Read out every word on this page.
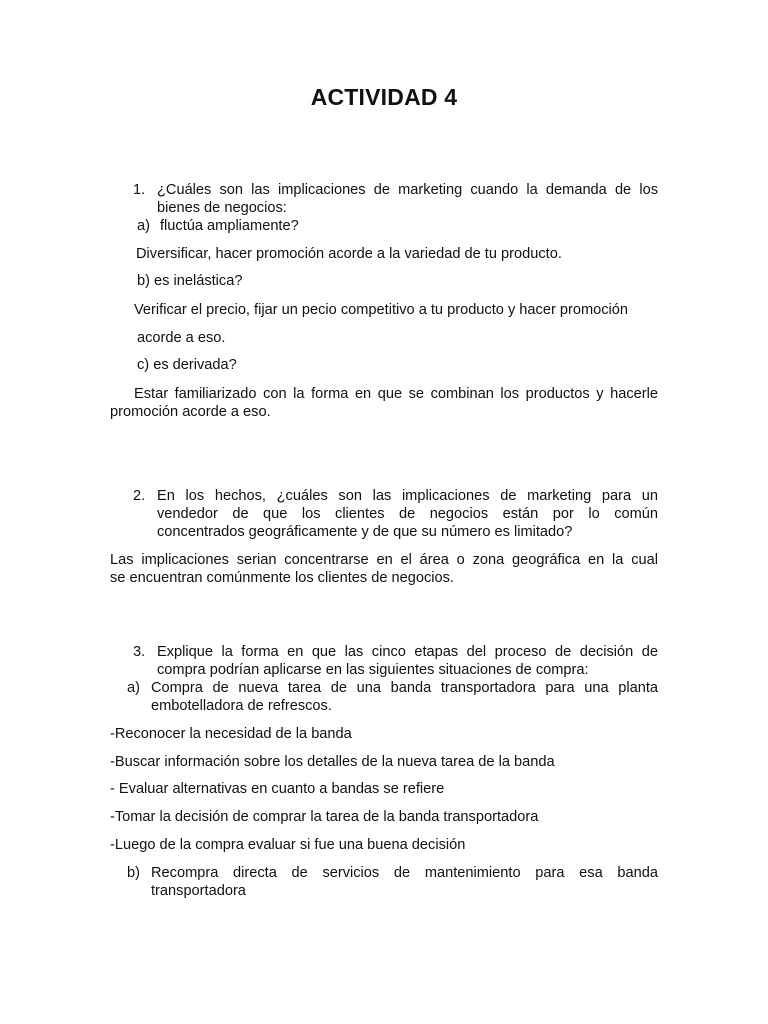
ACTIVIDAD 4
1. ¿Cuáles son las implicaciones de marketing cuando la demanda de los
bienes de negocios:
a) fluctúa ampliamente?
Diversificar, hacer promoción acorde a la variedad de tu producto.
b) es inelástica?
Verificar el precio, fijar un pecio competitivo a tu producto y hacer promoción
acorde a eso.
c) es derivada?
Estar familiarizado con la forma en que se combinan los productos y hacerle
promoción acorde a eso.
2. En los hechos, ¿cuáles son las implicaciones de marketing para un
vendedor de que los clientes de negocios están por lo común
concentrados geográficamente y de que su número es limitado?
Las implicaciones serian concentrarse en el área o zona geográfica en la cual
se encuentran comúnmente los clientes de negocios.
3. Explique la forma en que las cinco etapas del proceso de decisión de
compra podrían aplicarse en las siguientes situaciones de compra:
a) Compra de nueva tarea de una banda transportadora para una planta
embotelladora de refrescos.
-Reconocer la necesidad de la banda
-Buscar información sobre los detalles de la nueva tarea de la banda
- Evaluar alternativas en cuanto a bandas se refiere
-Tomar la decisión de comprar la tarea de la banda transportadora
-Luego de la compra evaluar si fue una buena decisión
b) Recompra directa de servicios de mantenimiento para esa banda
transportadora
